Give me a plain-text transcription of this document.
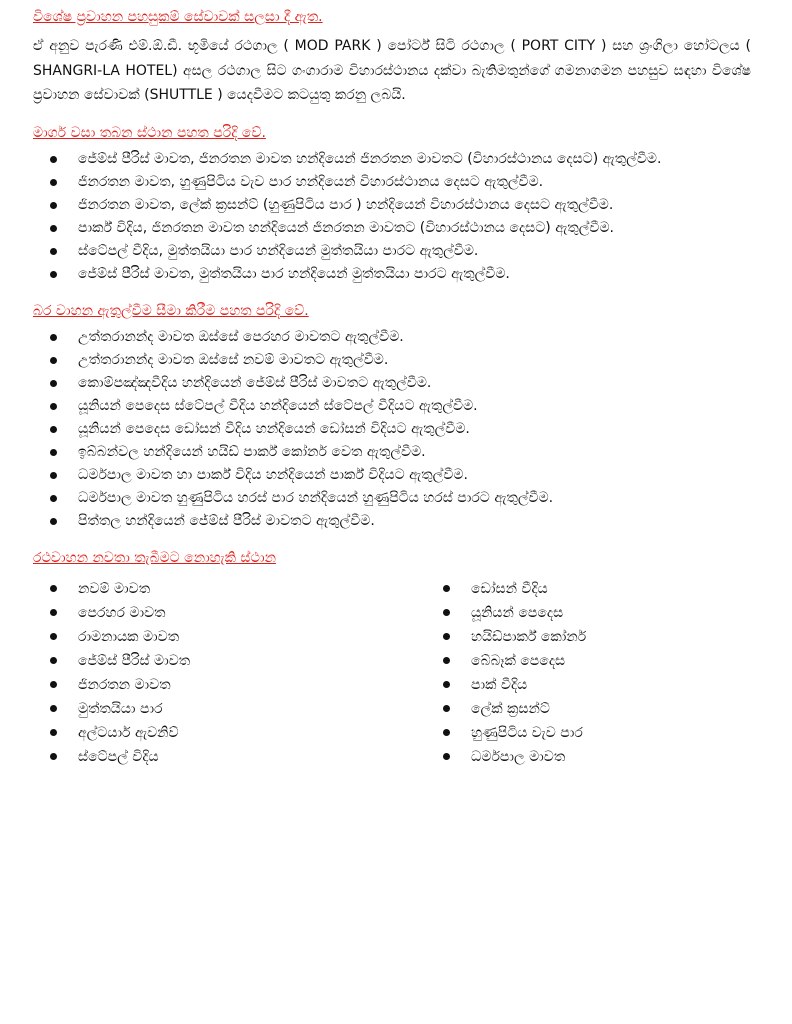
විශේෂ ප්‍රවාහන පහසුකම් සේවාවක් සලසා දී ඇත.

ඒ අනුව පැරණි එම්.ඕ.ඩී. භූමියේ රථගාල ( MOD PARK ) පෝර්ට් සිටි රථගාල ( PORT CITY ) සහ ශ්‍රංගිලා හෝටලය ( SHANGRI-LA HOTEL) අසල රථගාල සිට ගංගාරාම විහාරස්ථානය දක්වා බැතිමතුන්ගේ ගමනාගමන පහසුව සඳහා විශේෂ ප්‍රවාහන සේවාවක් (SHUTTLE ) යෙදවීමට කටයුතු කරනු ලබයි.

මාර්ග වසා තබන ස්ථාන පහත පරිදි වේ.
ජේම්ස් පීරිස් මාවත, ජිනරතන මාවත හන්දියෙන් ජිනරතන මාවතට (විහාරස්ථානය දෙසට) ඇතුල්වීම.
ජිනරතන මාවත, හුණුපිටිය වැව පාර හන්දියෙන් විහාරස්ථානය දෙසට ඇතුල්වීම.
ජිනරතන මාවත, ලේක් ක්‍රසන්ට් (හුණුපිටිය පාර ) හන්දියෙන් විහාරස්ථානය දෙසට ඇතුල්වීම.
පාර්ක් විදිය, ජිනරතන මාවත හන්දියෙන් ජිනරතන මාවතට (විහාරස්ථානය දෙසට) ඇතුල්වීම.
ස්ටේපල් වීදිය, මුත්තයියා පාර හන්දියෙන් මුත්තයියා පාරට ඇතුල්වීම.
ජේම්ස් පීරිස් මාවත, මුත්තයියා පාර හන්දියෙන් මුත්තයියා පාරට ඇතුල්වීම.
බර වාහන ඇතුල්වීම සීමා කිරීම පහත පරිදි වේ.
උත්තරානන්ද මාවත ඔස්සේ පෙරහර මාවතට ඇතුල්වීම.
උත්තරානන්ද මාවත ඔස්සේ නවම් මාවතට ඇතුල්වීම.
කොම්පඤ්ඤවීදිය හන්දියෙන් ජේම්ස් පීරිස් මාවතට ඇතුල්වීම.
යූනියන් පෙදෙස ස්ටේපල් වීදිය හන්දියෙන් ස්ටේපල් වීදියට ඇතුල්වීම.
යූනියන් පෙදෙස ඩෝසන් වීදිය හන්දියෙන් ඩෝසන් විදියට ඇතුල්වීම.
ඉබ්බන්වල හන්දියෙන් හයිඩ් පාර්ක් කෝනර් වෙත ඇතුල්වීම.
ධර්මපාල මාවත හා පාර්ක් විදිය හන්දියෙන් පාර්ක් විදියට ඇතුල්වීම.
ධර්මපාල මාවත හුණුපිටිය හරස් පාර හන්දියෙන් හුණුපිටිය හරස් පාරට ඇතුල්වීම.
පිත්තල හන්දියෙන් ජේම්ස් පීරිස් මාවතට ඇතුල්වීම.
රථවාහන නවතා තැබීමට නොහැකි ස්ථාන
නවම් මාවත
පෙරහර මාවත
රාමනායක මාවත
ජේම්ස් පීරිස් මාවත
ජිනරතන මාවත
මුත්තයියා පාර
අල්ටයාර් ඇවනිව්
ස්ටේපල් විදිය
ඩෝසන් වීදිය
යූනියන් පෙදෙස
හයිඩ්පාර්ක් කෝනර්
බේබෑක් පෙදෙස
පාක් වීදිය
ලේක් ක්‍රසන්ට්
හුණුපිටිය වැව පාර
ධර්මපාල මාවත
